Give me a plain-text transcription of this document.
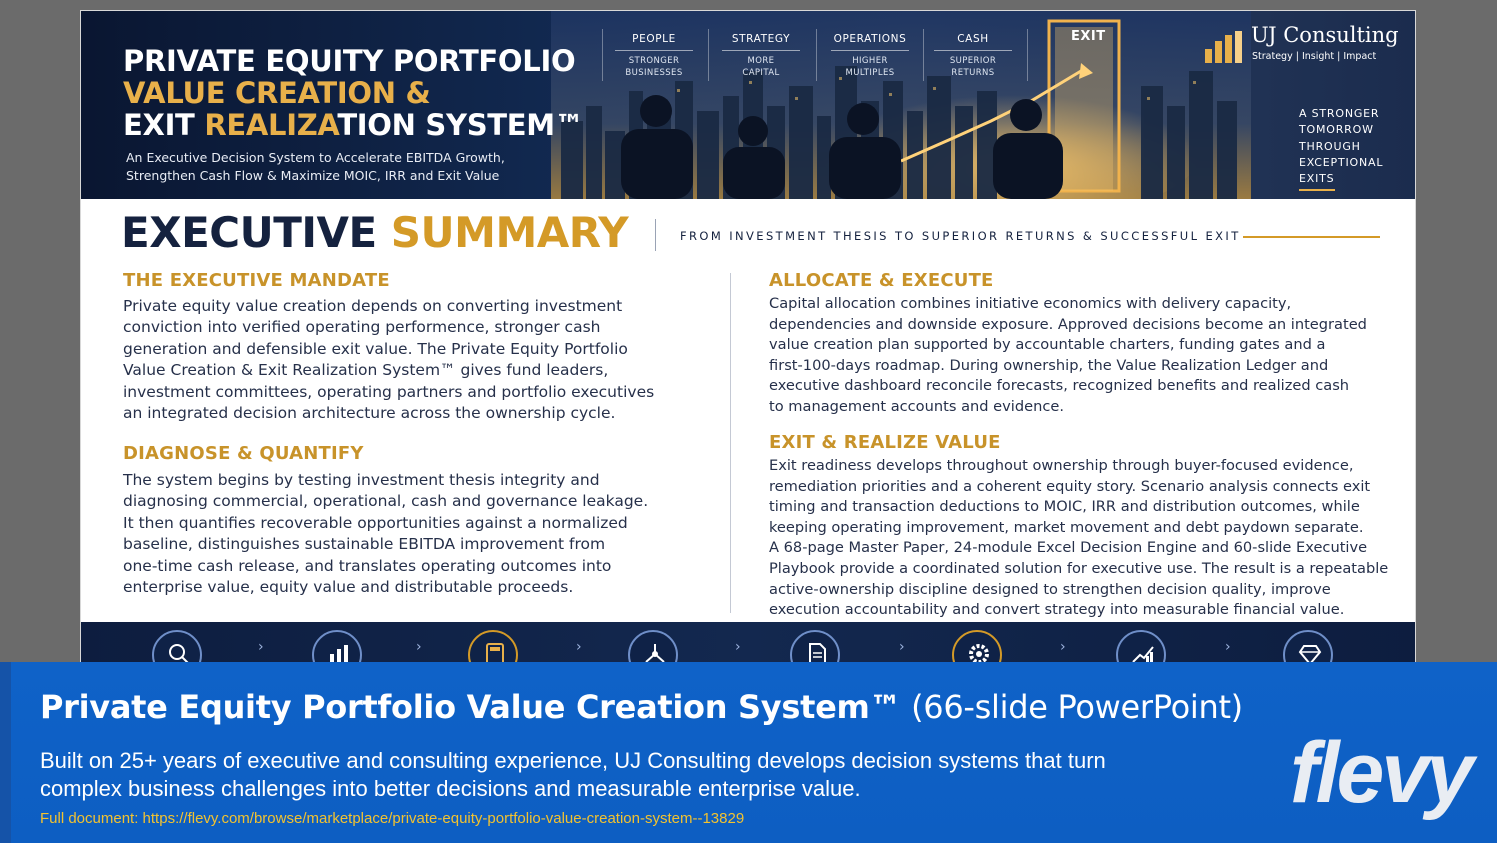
PRIVATE EQUITY PORTFOLIO
VALUE CREATION &
EXIT REALIZATION SYSTEM™
An Executive Decision System to Accelerate EBITDA Growth,
Strengthen Cash Flow & Maximize MOIC, IRR and Exit Value
PEOPLE
STRONGER
BUSINESSES
STRATEGY
MORE
CAPITAL
OPERATIONS
HIGHER
MULTIPLES
CASH
SUPERIOR
RETURNS
EXIT	UJ Consulting
Strategy | Insight | Impact
A STRONGER
TOMORROW
THROUGH
EXCEPTIONAL
EXITS
EXECUTIVE SUMMARY	FROM INVESTMENT THESIS TO SUPERIOR RETURNS & SUCCESSFUL EXIT
THE EXECUTIVE MANDATE
Private equity value creation depends on converting investment
conviction into verified operating performence, stronger cash
generation and defensible exit value. The Private Equity Portfolio
Value Creation & Exit Realization System™ gives fund leaders,
investment committees, operating partners and portfolio executives
an integrated decision architecture across the ownership cycle.
DIAGNOSE & QUANTIFY
The system begins by testing investment thesis integrity and
diagnosing commercial, operational, cash and governance leakage.
It then quantifies recoverable opportunities against a normalized
baseline, distinguishes sustainable EBITDA improvement from
one-time cash release, and translates operating outcomes into
enterprise value, equity value and distributable proceeds.
ALLOCATE & EXECUTE
Capital allocation combines initiative economics with delivery capacity,
dependencies and downside exposure. Approved decisions become an integrated
value creation plan supported by accountable charters, funding gates and a
first-100-days roadmap. During ownership, the Value Realization Ledger and
executive dashboard reconcile forecasts, recognized benefits and realized cash
to management accounts and evidence.
EXIT & REALIZE VALUE
Exit readiness develops throughout ownership through buyer-focused evidence,
remediation priorities and a coherent equity story. Scenario analysis connects exit
timing and transaction deductions to MOIC, IRR and distribution outcomes, while
keeping operating improvement, market movement and debt paydown separate.
A 68-page Master Paper, 24-module Excel Decision Engine and 60-slide Executive
Playbook provide a coordinated solution for executive use. The result is a repeatable
active-ownership discipline designed to strengthen decision quality, improve
execution accountability and convert strategy into measurable financial value.
›	›	›	›	›	›	›
Private Equity Portfolio Value Creation System™ (66-slide PowerPoint)
Built on 25+ years of executive and consulting experience, UJ Consulting develops decision systems that turn complex business challenges into better decisions and measurable enterprise value.
Full document: https://flevy.com/browse/marketplace/private-equity-portfolio-value-creation-system--13829	flevy
